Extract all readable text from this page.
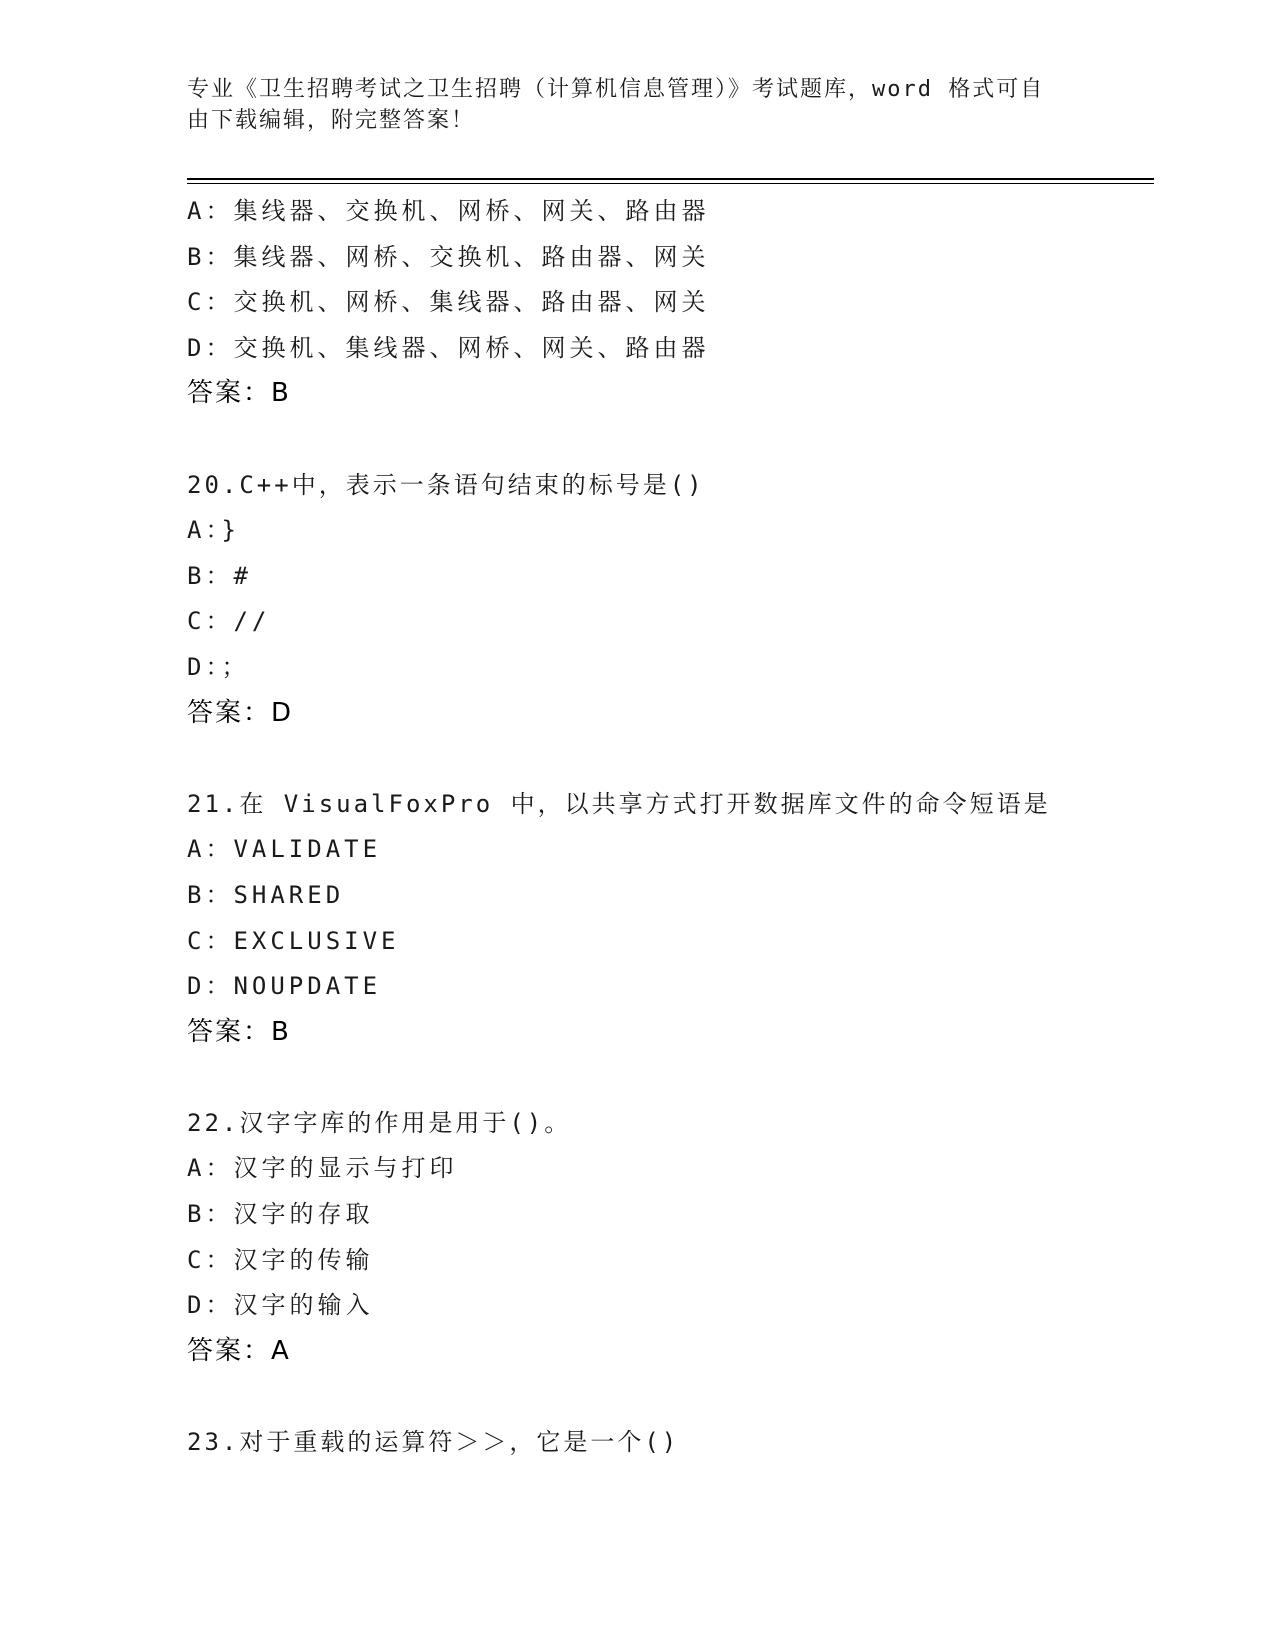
专业《卫生招聘考试之卫生招聘（计算机信息管理）》考试题库，word 格式可自
由下载编辑，附完整答案！
A：集线器、交换机、网桥、网关、路由器
B：集线器、网桥、交换机、路由器、网关
C：交换机、网桥、集线器、路由器、网关
D：交换机、集线器、网桥、网关、路由器
答案：B
20.C++中，表示一条语句结束的标号是()
A：}
B：#
C：//
D：；
答案：D
21.在 VisualFoxPro 中，以共享方式打开数据库文件的命令短语是
A：VALIDATE
B：SHARED
C：EXCLUSIVE
D：NOUPDATE
答案：B
22.汉字字库的作用是用于()。
A：汉字的显示与打印
B：汉字的存取
C：汉字的传输
D：汉字的输入
答案：A
23.对于重载的运算符＞＞，它是一个()
